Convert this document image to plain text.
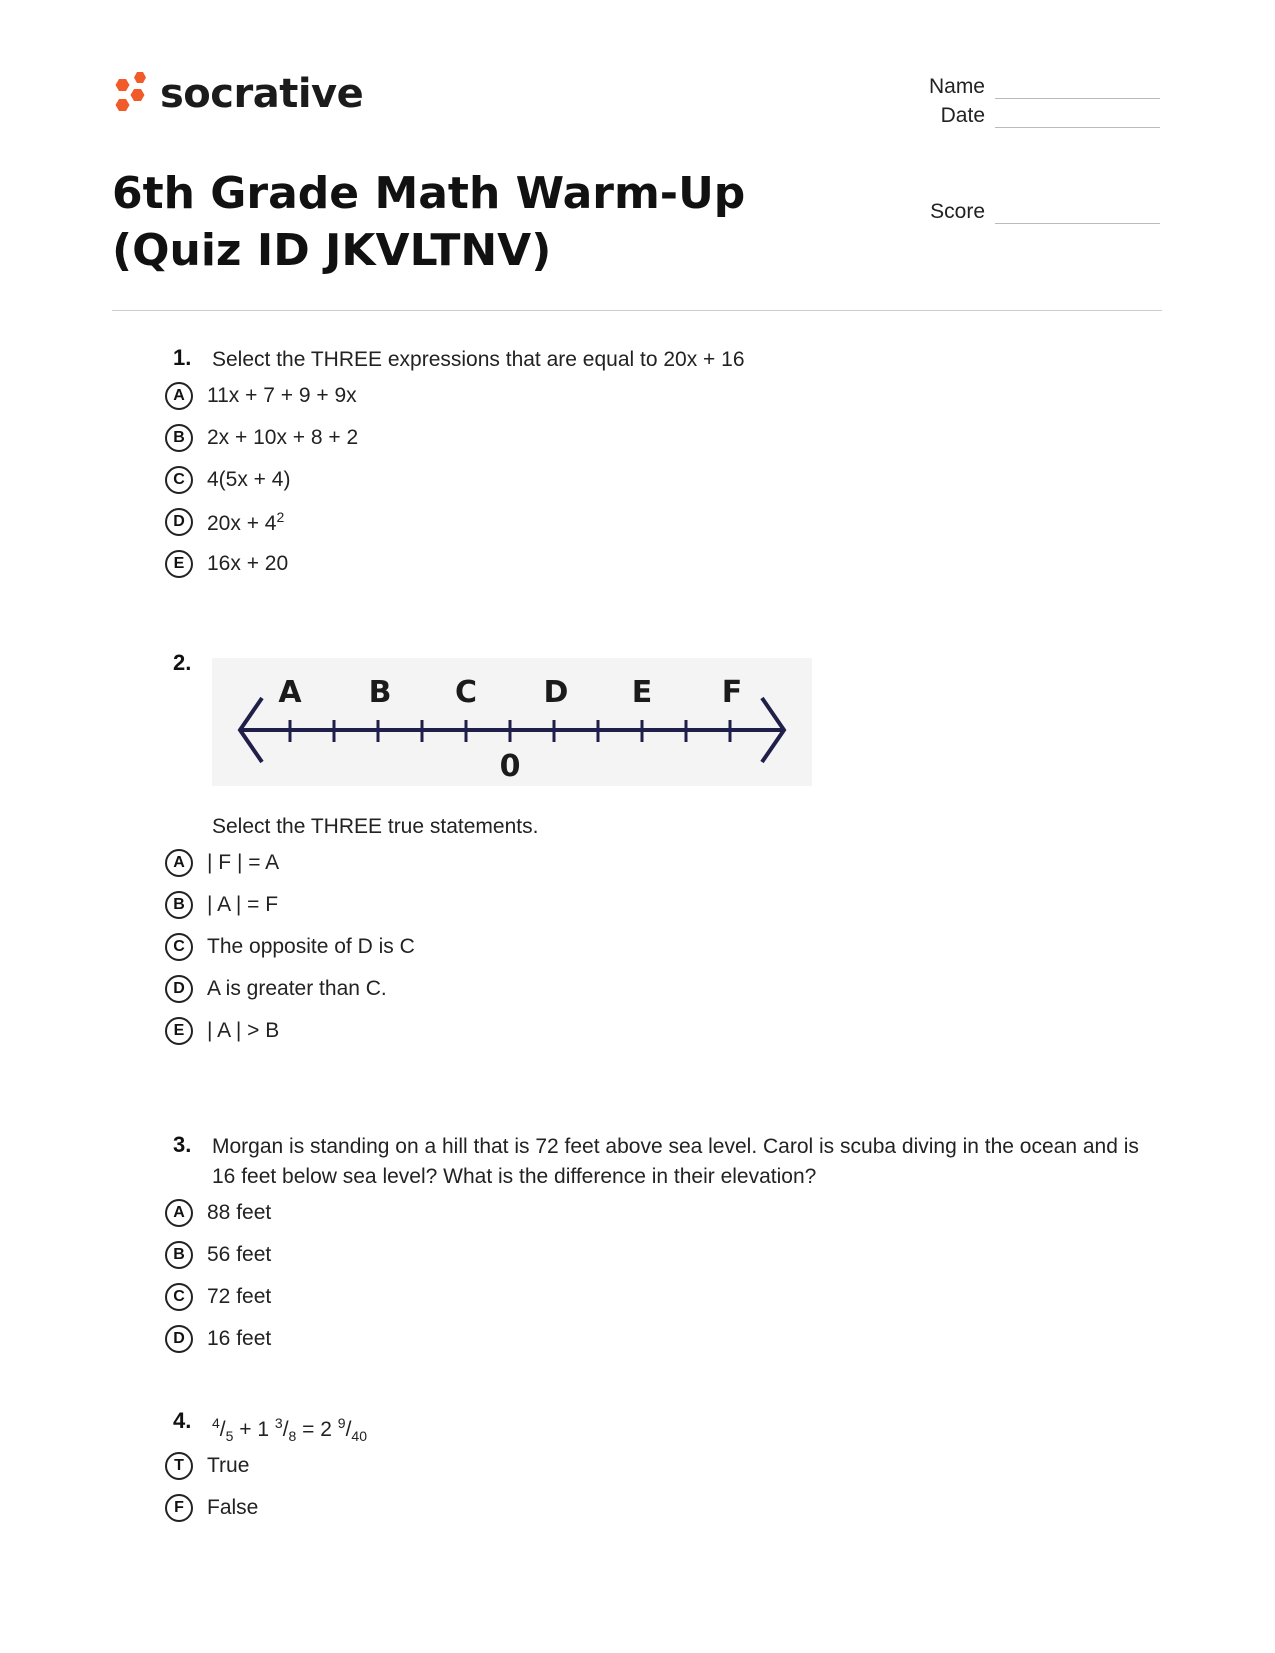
socrative	Name
Date
Score
6th Grade Math Warm-Up (Quiz ID JKVLTNV)
1. Select the THREE expressions that are equal to 20x + 16
A	11x + 7 + 9 + 9x
B	2x + 10x + 8 + 2
C	4(5x + 4)
D	$20x + 4^2$
E	16x + 20
2.
A B C D E F
0
Select the THREE true statements.
A	| F | = A
B	| A | = F
C	The opposite of D is C
D	A is greater than C.
E	| A | > B
3. Morgan is standing on a hill that is 72 feet above sea level. Carol is scuba diving in the ocean and is 16 feet below sea level? What is the difference in their elevation?
A	88 feet
B	56 feet
C	72 feet
D	16 feet
4. $^4/_5 + 1$ $^3/_8 = 2$ $^9/_{40}$
T	True
F	False
